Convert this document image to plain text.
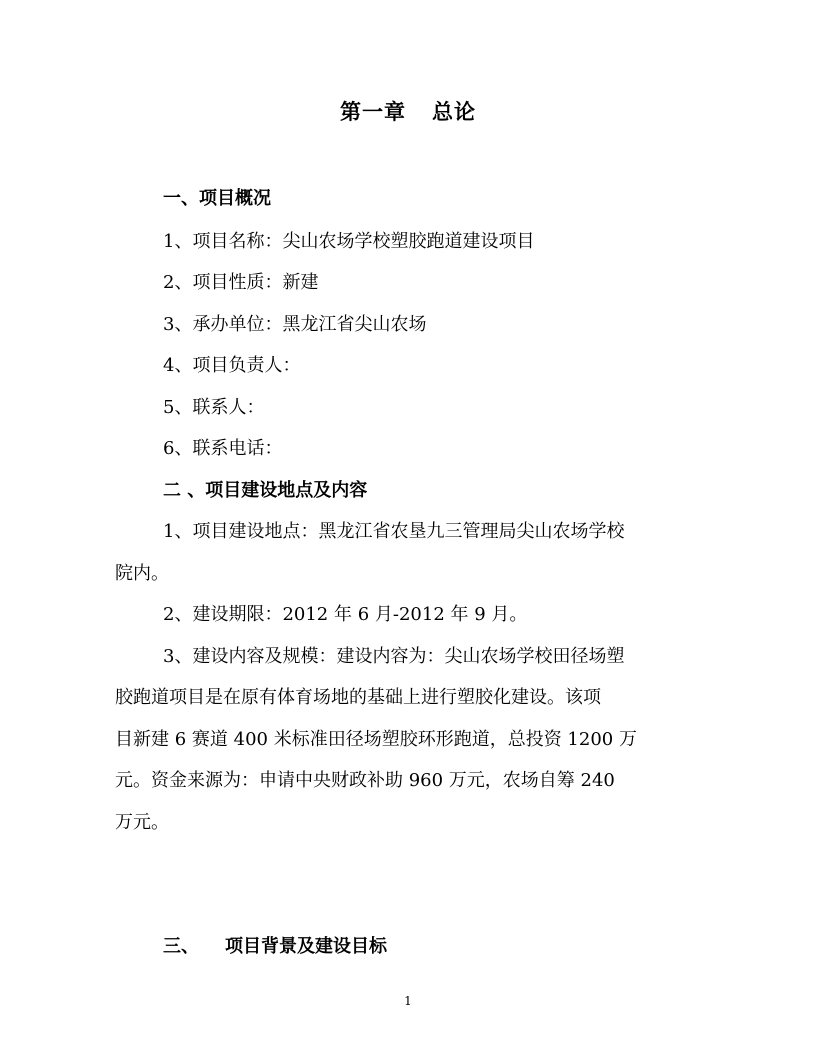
第一章 总论
一、项目概况
1、项目名称：尖山农场学校塑胶跑道建设项目
2、项目性质：新建
3、承办单位：黑龙江省尖山农场
4、项目负责人：
5、联系人：
6、联系电话：
二 、项目建设地点及内容
1、项目建设地点：黑龙江省农垦九三管理局尖山农场学校
院内。
2、建设期限：2012 年 6 月-2012 年 9 月。
3、建设内容及规模：建设内容为：尖山农场学校田径场塑
胶跑道项目是在原有体育场地的基础上进行塑胶化建设。该项
目新建 6 赛道 400 米标准田径场塑胶环形跑道，总投资 1200 万
元。资金来源为：申请中央财政补助 960 万元，农场自筹 240
万元。
三、 项目背景及建设目标
1
